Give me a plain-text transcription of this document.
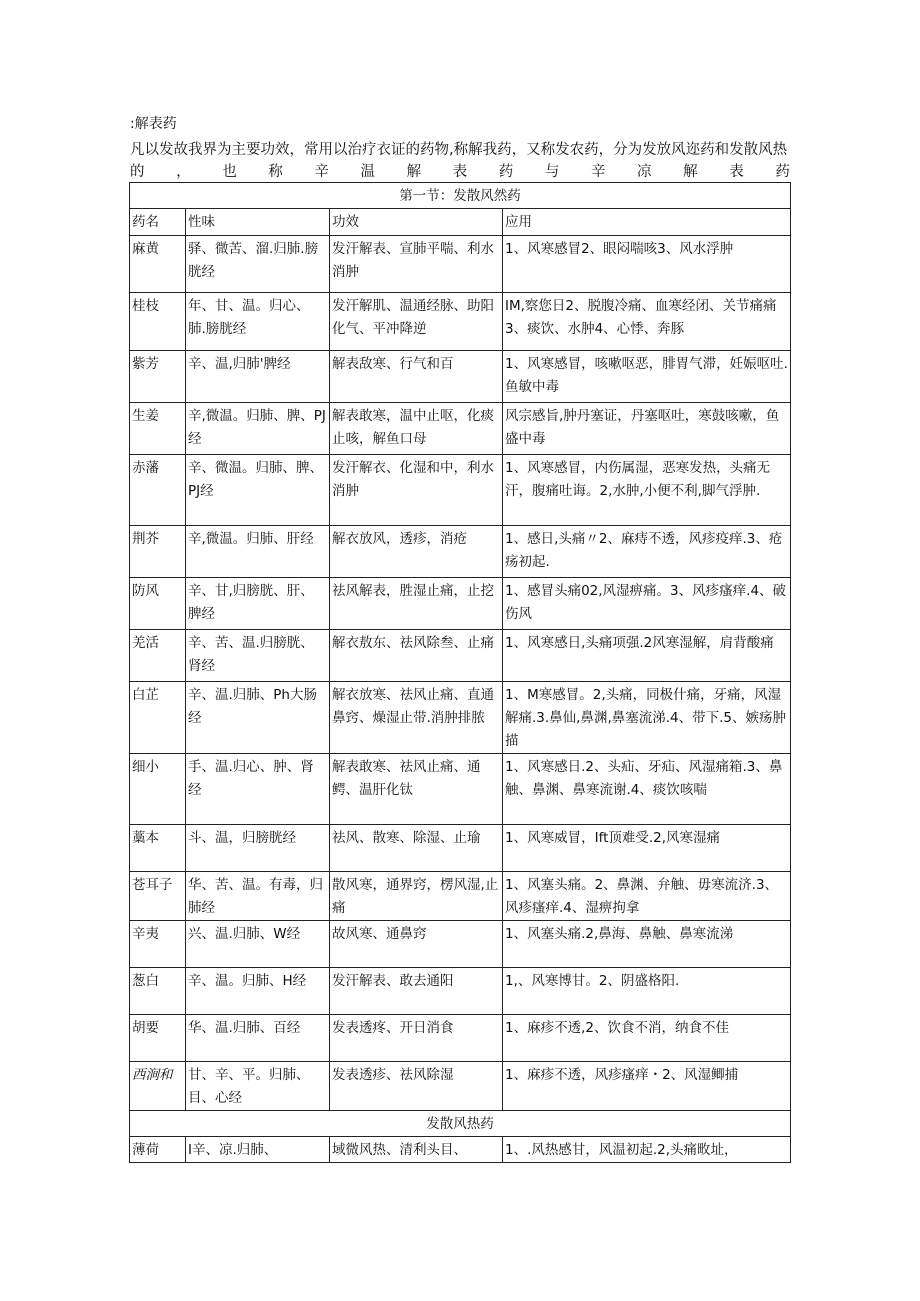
:解表药
凡以发故我界为主要功效，常用以治疗衣证的药物,称解我药，又称发农药，分为发放风迩药和发散风热
的 ， 也 称 辛 温 解 表 药 与 辛 凉 解 表 药
第一节：发散风然药			
药名	性味	功效	应用
麻黄	驿、微苦、溜.归肺.膀胱经	发汗解表、宣肺平喘、利水消肿	1、风寒感冒2、眼闷喘咳3、风水浮肿
桂枝	年、甘、温。归心、肺.膀胱经	发汗解肌、温通经脉、助阳化气、平冲降逆	IM,察您日2、脱腹冷痛、血寒经闭、关节痛痛3、痰饮、水肿4、心悸、奔豚
紫芳	辛、温,归肺'脾经	解表敌寒、行气和百	1、风寒感冒，咳嗽呕恶，腓胃气滞，妊娠呕吐.鱼敏中毒
生姜	辛,微温。归肺、脾、PJ经	解表敢寒，温中止呕，化痰止咳，解鱼口母	风宗感旨,肿丹塞证，丹塞呕吐，寒鼓咳嗽，鱼盛中毒
赤藩	辛、微温。归肺、脾、PJ经	发汗解衣、化湿和中，利水消肿	1、风寒感冒，内伤属湿，恶寒发热，头痛无汗，腹痛吐诲。2,水肿,小便不利,脚气浮肿.
荆芥	辛,微温。归肺、肝经	解衣放风，透疹，消疮	1、感日,头痛〃2、麻痔不透，风疹疫痒.3、疮疡初起.
防风	辛、甘,归膀胱、肝、脾经	祛风解表，胜湿止痛，止挖	1、感冒头痛02,风湿痹痛。3、风疹瘙痒.4、破伤风
羌活	辛、苦、温.归膀胱、肾经	解衣敖东、祛风除叁、止痛	1、风寒感日,头痛项强.2风寒湿解，肩背酸痛
白芷	辛、温.归肺、Ph大肠经	解衣放寒、祛风止痛、直通鼻窍、燥湿止带.消肿排脓	1、M寒感冒。2,头痛，同极什痛，牙痛，风湿解痛.3.鼻仙,鼻渊,鼻塞流涕.4、带下.5、嫉疡肿描
细小	手、温.归心、肿、肾经	解表敢寒、祛风止痛、通鳄、温肝化钛	1、风寒感日.2、头疝、牙疝、风湿痛箱.3、鼻触、鼻渊、鼻寒流谢.4、痰饮咳喘
藁本	斗、温，归膀胱经	祛风、散寒、除湿、止瑜	1、风寒威冒，Ift顶难受.2,风寒湿痛
苍耳子	华、苦、温。有毒，归肺经	散风寒，通界窍，楞风湿,止痛	1、风塞头痛。2、鼻渊、弁触、毋寒流济.3、风疹瘙痒.4、湿痹拘拿
辛夷	兴、温.归肺、W经	故风寒、通鼻窍	1、风塞头痛.2,鼻海、鼻触、鼻寒流涕
葱白	辛、温。归肺、H经	发汗解表、敢去通阳	1,、风寒博甘。2、阴盛格阳.
胡要	华、温.归肺、百经	发表透疼、开日消食	1、麻疹不透,2、饮食不消，纳食不佳
西涧和	甘、辛、平。归肺、目、心经	发表透疹、祛风除湿	1、麻疹不透，风疹瘙痒・2、风湿鲫捕
发散风热药			
薄荷	I辛、凉.归肺、	域微风热、清利头目、	1、.风热感甘，风温初起.2,头痛畋址，
